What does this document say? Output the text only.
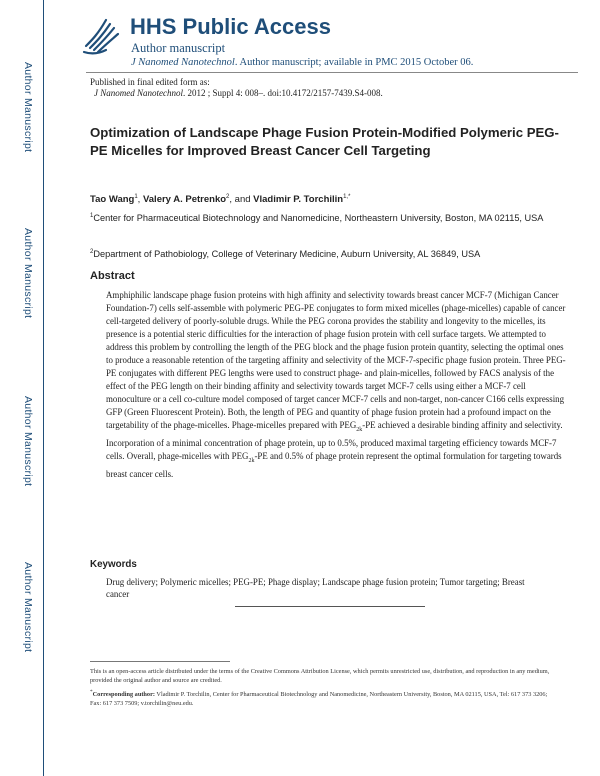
Author Manuscript
Author Manuscript
Author Manuscript
Author Manuscript
HHS Public Access
Author manuscript
J Nanomed Nanotechnol. Author manuscript; available in PMC 2015 October 06.
Published in final edited form as:
J Nanomed Nanotechnol. 2012 ; Suppl 4: 008–. doi:10.4172/2157-7439.S4-008.
Optimization of Landscape Phage Fusion Protein-Modified Polymeric PEG-PE Micelles for Improved Breast Cancer Cell Targeting
Tao Wang$^1$, Valery A. Petrenko$^2$, and Vladimir P. Torchilin$^{1,*}$
$^1$Center for Pharmaceutical Biotechnology and Nanomedicine, Northeastern University, Boston, MA 02115, USA
$^2$Department of Pathobiology, College of Veterinary Medicine, Auburn University, AL 36849, USA
Abstract

Amphiphilic landscape phage fusion proteins with high affinity and selectivity towards breast cancer MCF-7 (Michigan Cancer Foundation-7) cells self-assemble with polymeric PEG-PE conjugates to form mixed micelles (phage-micelles) capable of cancer cell-targeted delivery of poorly-soluble drugs. While the PEG corona provides the stability and longevity to the micelles, its presence is a potential steric difficulties for the interaction of phage fusion protein with cell surface targets. We attempted to address this problem by controlling the length of the PEG block and the phage fusion protein quantity, selecting the optimal ones to produce a reasonable retention of the targeting affinity and selectivity of the MCF-7-specific phage fusion protein. Three PEG-PE conjugates with different PEG lengths were used to construct phage- and plain-micelles, followed by FACS analysis of the effect of the PEG length on their binding affinity and selectivity towards target MCF-7 cells using either a MCF-7 cell monoculture or a cell co-culture model composed of target cancer MCF-7 cells and non-target, non-cancer C166 cells expressing GFP (Green Fluorescent Protein). Both, the length of PEG and quantity of phage fusion protein had a profound impact on the targetability of the phage-micelles. Phage-micelles prepared with $PEG_{2k}-PE$ achieved a desirable binding affinity and selectivity. Incorporation of a minimal concentration of phage protein, up to 0.5%, produced maximal targeting efficiency towards MCF-7 cells. Overall, phage-micelles with $PEG_{2k}-PE$ and 0.5% of phage protein represent the optimal formulation for targeting towards breast cancer cells.

Keywords
Drug delivery; Polymeric micelles; PEG-PE; Phage display; Landscape phage fusion protein; Tumor targeting; Breast cancer
This is an open-access article distributed under the terms of the Creative Commons Attribution License, which permits unrestricted use, distribution, and reproduction in any medium, provided the original author and source are credited.
*Corresponding author: Vladimir P. Torchilin, Center for Pharmaceutical Biotechnology and Nanomedicine, Northeastern University, Boston, MA 02115, USA, Tel: 617 373 3206; Fax: 617 373 7509; v.torchilin@neu.edu.
